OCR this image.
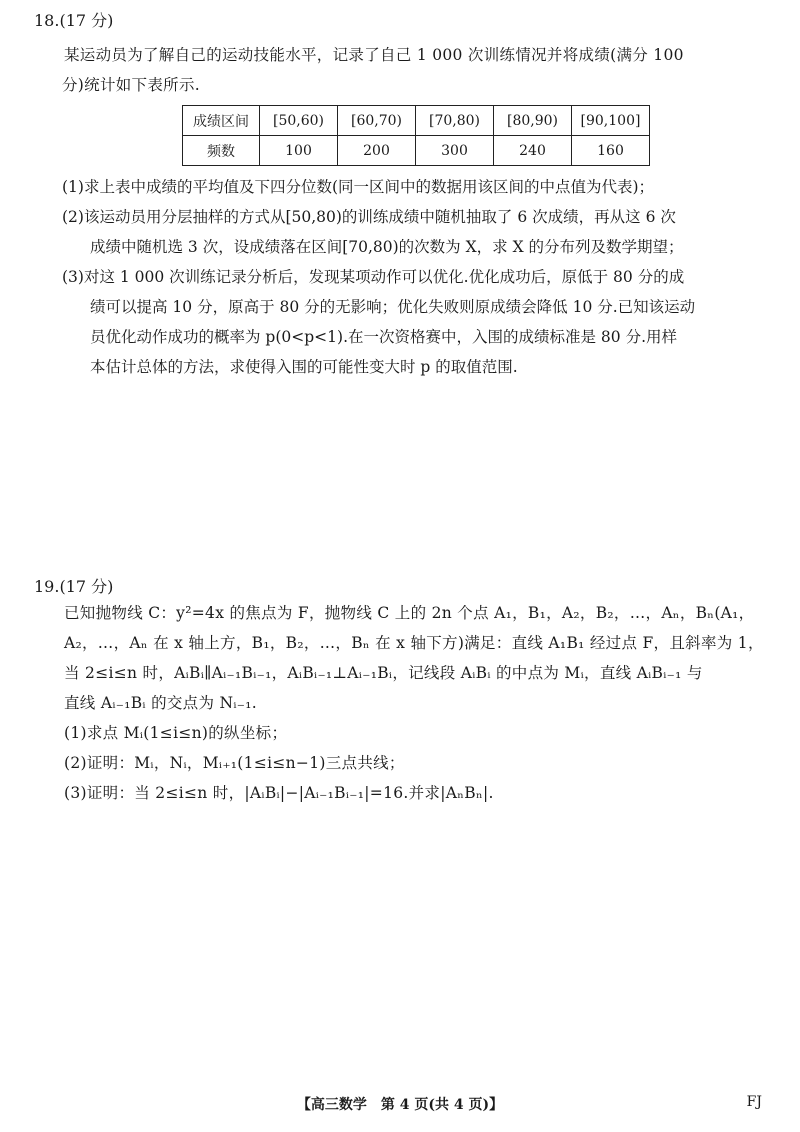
18.(17 分)
某运动员为了解自己的运动技能水平，记录了自己 1 000 次训练情况并将成绩(满分 100
分)统计如下表所示.
成绩区间	[50,60)	[60,70)	[70,80)	[80,90)	[90,100]
频数	100	200	300	240	160
(1)求上表中成绩的平均值及下四分位数(同一区间中的数据用该区间的中点值为代表)；
(2)该运动员用分层抽样的方式从[50,80)的训练成绩中随机抽取了 6 次成绩，再从这 6 次
成绩中随机选 3 次，设成绩落在区间[70,80)的次数为 X，求 X 的分布列及数学期望；
(3)对这 1 000 次训练记录分析后，发现某项动作可以优化.优化成功后，原低于 80 分的成
绩可以提高 10 分，原高于 80 分的无影响；优化失败则原成绩会降低 10 分.已知该运动
员优化动作成功的概率为 p(0<p<1).在一次资格赛中，入围的成绩标准是 80 分.用样
本估计总体的方法，求使得入围的可能性变大时 p 的取值范围.
19.(17 分)
已知抛物线 C：y²=4x 的焦点为 F，抛物线 C 上的 2n 个点 A₁，B₁，A₂，B₂，…，Aₙ，Bₙ(A₁，
A₂，…，Aₙ 在 x 轴上方，B₁，B₂，…，Bₙ 在 x 轴下方)满足：直线 A₁B₁ 经过点 F，且斜率为 1，
当 2≤i≤n 时，AᵢBᵢ∥Aᵢ₋₁Bᵢ₋₁，AᵢBᵢ₋₁⊥Aᵢ₋₁Bᵢ，记线段 AᵢBᵢ 的中点为 Mᵢ，直线 AᵢBᵢ₋₁ 与
直线 Aᵢ₋₁Bᵢ 的交点为 Nᵢ₋₁.
(1)求点 Mᵢ(1≤i≤n)的纵坐标；
(2)证明：Mᵢ，Nᵢ，Mᵢ₊₁(1≤i≤n−1)三点共线；
(3)证明：当 2≤i≤n 时，|AᵢBᵢ|−|Aᵢ₋₁Bᵢ₋₁|=16.并求|AₙBₙ|.
【高三数学　第 4 页(共 4 页)】	FJ
